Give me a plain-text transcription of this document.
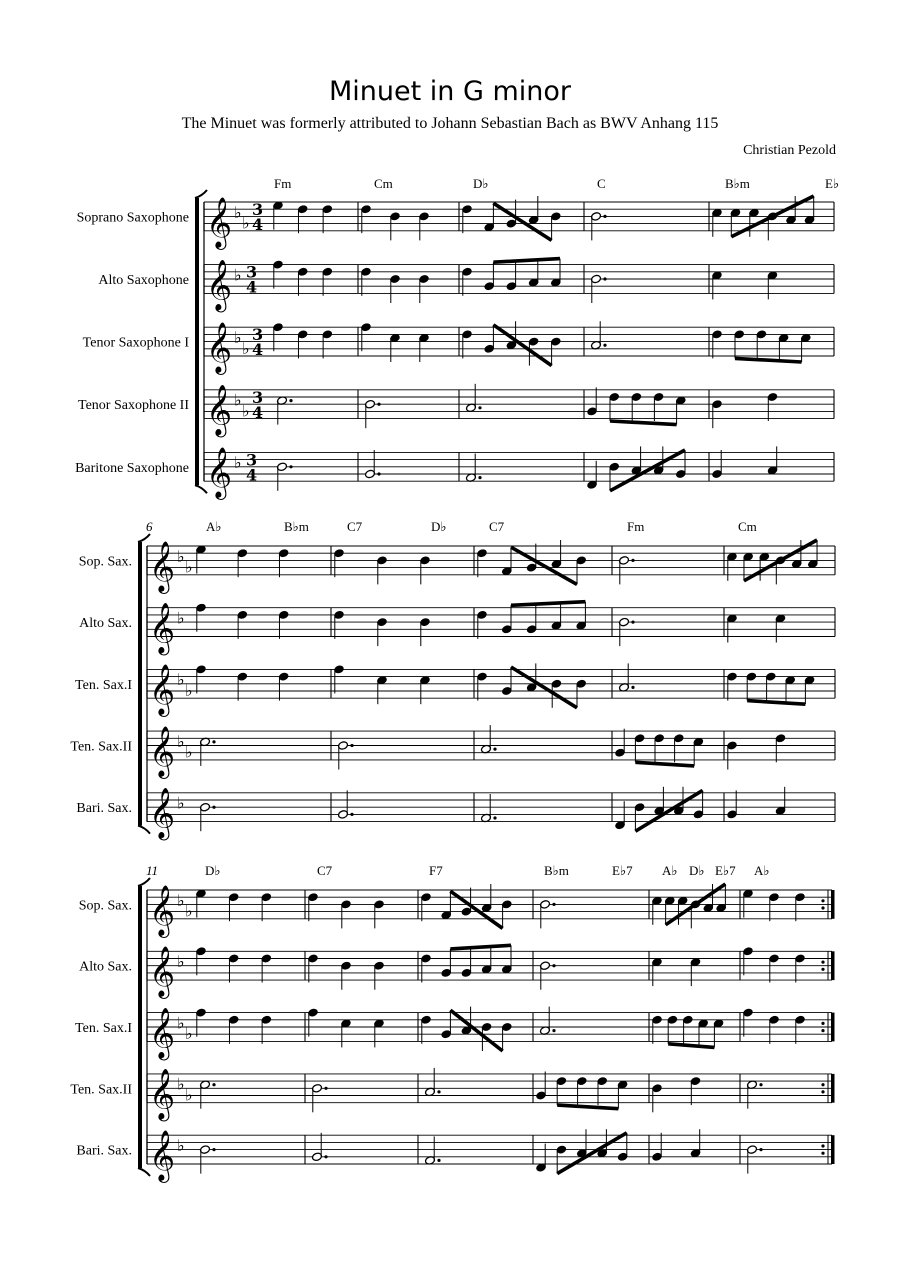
Minuet in G minor
The Minuet was formerly attributed to Johann Sebastian Bach as BWV Anhang 115
Christian Pezold
Fm	Cm	D♭	C	B♭m	E♭
Soprano Saxophone 𝄞 ♭
♭
3
4
Alto Saxophone 𝄞 ♭ 3
4
Tenor Saxophone I 𝄞 ♭
♭
3
4
Tenor Saxophone II 𝄞 ♭
♭
3
4
Baritone Saxophone 𝄞 ♭ 3
4
6	A♭	B♭m	C7	D♭	C7	Fm	Cm
Sop. Sax. 𝄞 ♭
♭
Alto Sax. 𝄞 ♭
Ten. Sax.I 𝄞 ♭
♭
Ten. Sax.II 𝄞 ♭
♭
Bari. Sax. 𝄞 ♭
11	D♭	C7	F7	B♭m	E♭7 A♭ D♭ E♭7 A♭
Sop. Sax. 𝄞 ♭
♭
Alto Sax. 𝄞 ♭
Ten. Sax.I 𝄞 ♭
♭
Ten. Sax.II 𝄞 ♭
♭
Bari. Sax. 𝄞 ♭
